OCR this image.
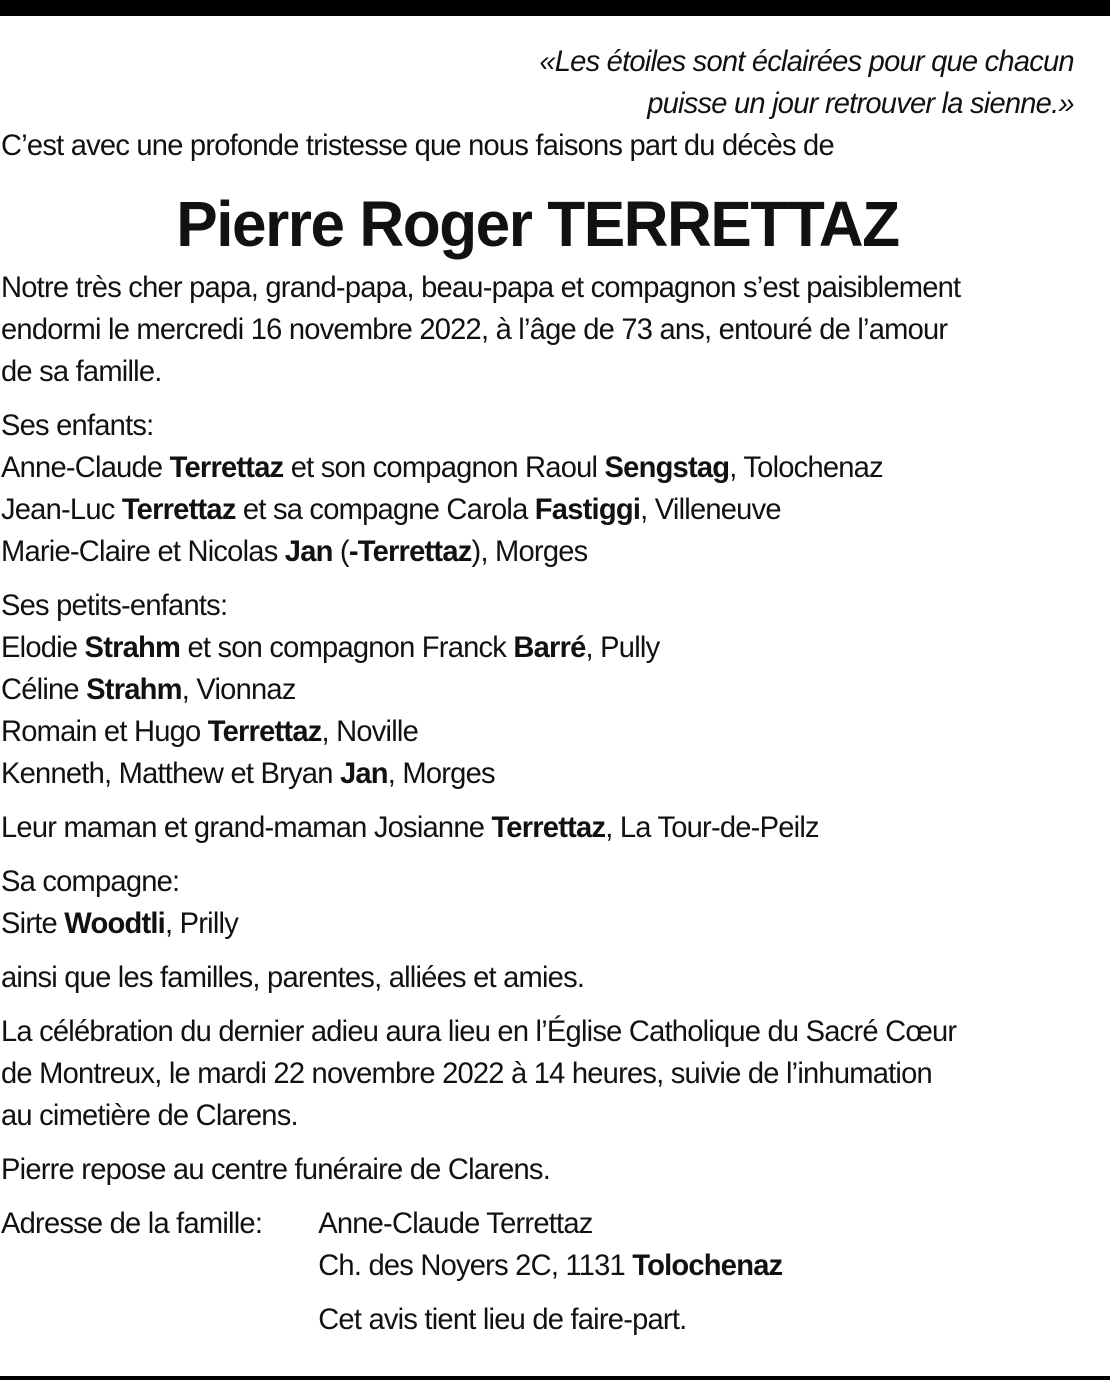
«Les étoiles sont éclairées pour que chacun

puisse un jour retrouver la sienne.»

C’est avec une profonde tristesse que nous faisons part du décès de

Pierre Roger TERRETTAZ

Notre très cher papa, grand-papa, beau-papa et compagnon s’est paisiblement

endormi le mercredi 16 novembre 2022, à l’âge de 73 ans, entouré de l’amour

de sa famille.

Ses enfants:

Anne-Claude Terrettaz et son compagnon Raoul Sengstag, Tolochenaz

Jean-Luc Terrettaz et sa compagne Carola Fastiggi, Villeneuve

Marie-Claire et Nicolas Jan (-Terrettaz), Morges

Ses petits-enfants:

Elodie Strahm et son compagnon Franck Barré, Pully

Céline Strahm, Vionnaz

Romain et Hugo Terrettaz, Noville

Kenneth, Matthew et Bryan Jan, Morges

Leur maman et grand-maman Josianne Terrettaz, La Tour-de-Peilz

Sa compagne:

Sirte Woodtli, Prilly

ainsi que les familles, parentes, alliées et amies.

La célébration du dernier adieu aura lieu en l’Église Catholique du Sacré Cœur

de Montreux, le mardi 22 novembre 2022 à 14 heures, suivie de l’inhumation

au cimetière de Clarens.

Pierre repose au centre funéraire de Clarens.

Adresse de la famille:	Anne-Claude Terrettaz

Ch. des Noyers 2C, 1131 Tolochenaz

Cet avis tient lieu de faire-part.
